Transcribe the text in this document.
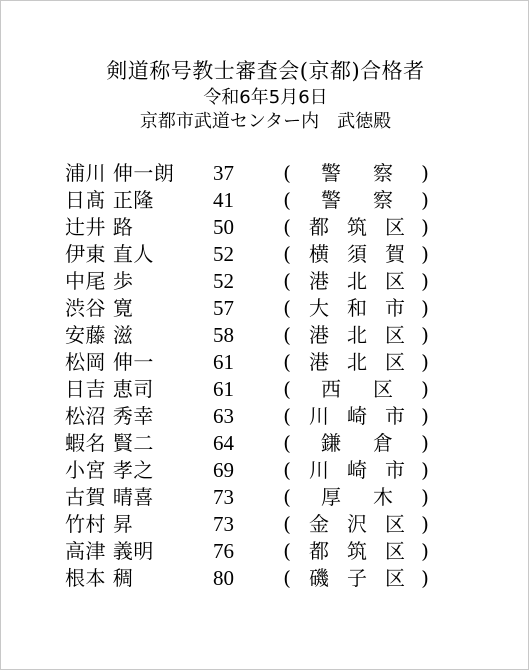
剣道称号教士審査会(京都)合格者
令和6年5月6日
京都市武道センター内　武徳殿
浦川 伸一朗	37	(	警 察	)
日髙 正隆	41	(	警 察	)
辻井 路	50	( 都 筑 区 )
伊東 直人	52	( 横 須 賀 )
中尾 歩	52	( 港 北 区 )
渋谷 寛	57	( 大 和 市 )
安藤 滋	58	( 港 北 区 )
松岡 伸一	61	( 港 北 区 )
日吉 恵司	61	(	西 区	)
松沼 秀幸	63	( 川 崎 市 )
蝦名 賢二	64	(	鎌 倉	)
小宮 孝之	69	( 川 崎 市 )
古賀 晴喜	73	(	厚 木	)
竹村 昇	73	( 金 沢 区 )
高津 義明	76	( 都 筑 区 )
根本 稠	80	( 磯 子 区 )
